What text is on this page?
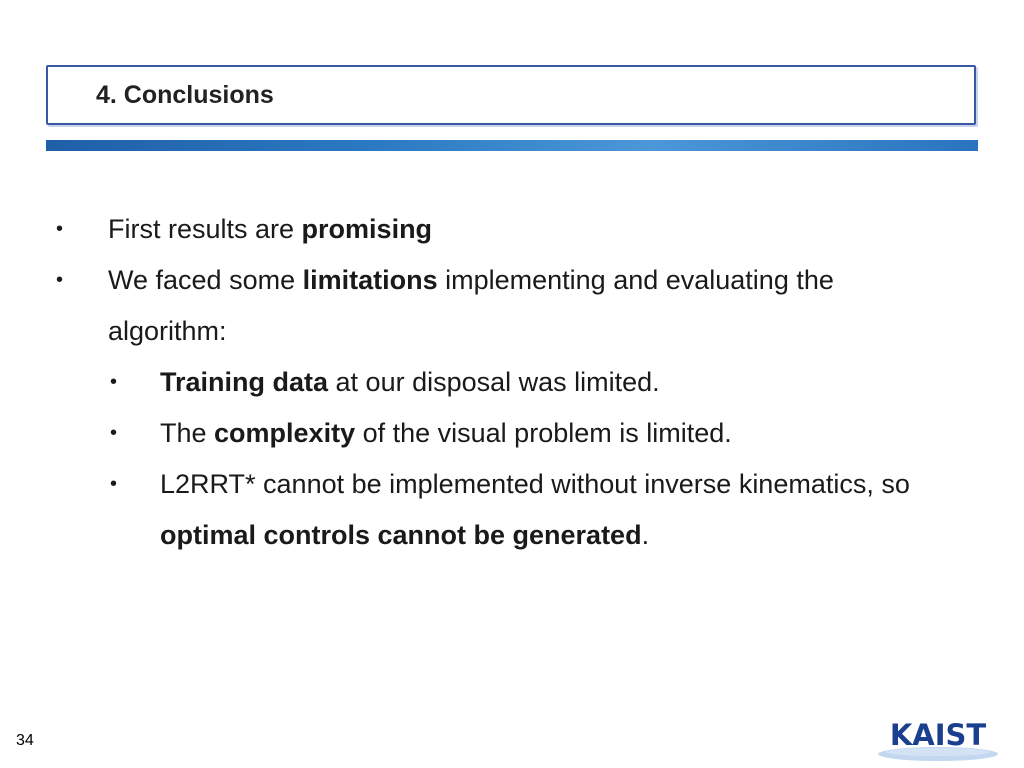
4. Conclusions
• First results are promising
• We faced some limitations implementing and evaluating the
algorithm:
• Training data at our disposal was limited.
• The complexity of the visual problem is limited.
• L2RRT* cannot be implemented without inverse kinematics, so
optimal controls cannot be generated.
34	KAIST
